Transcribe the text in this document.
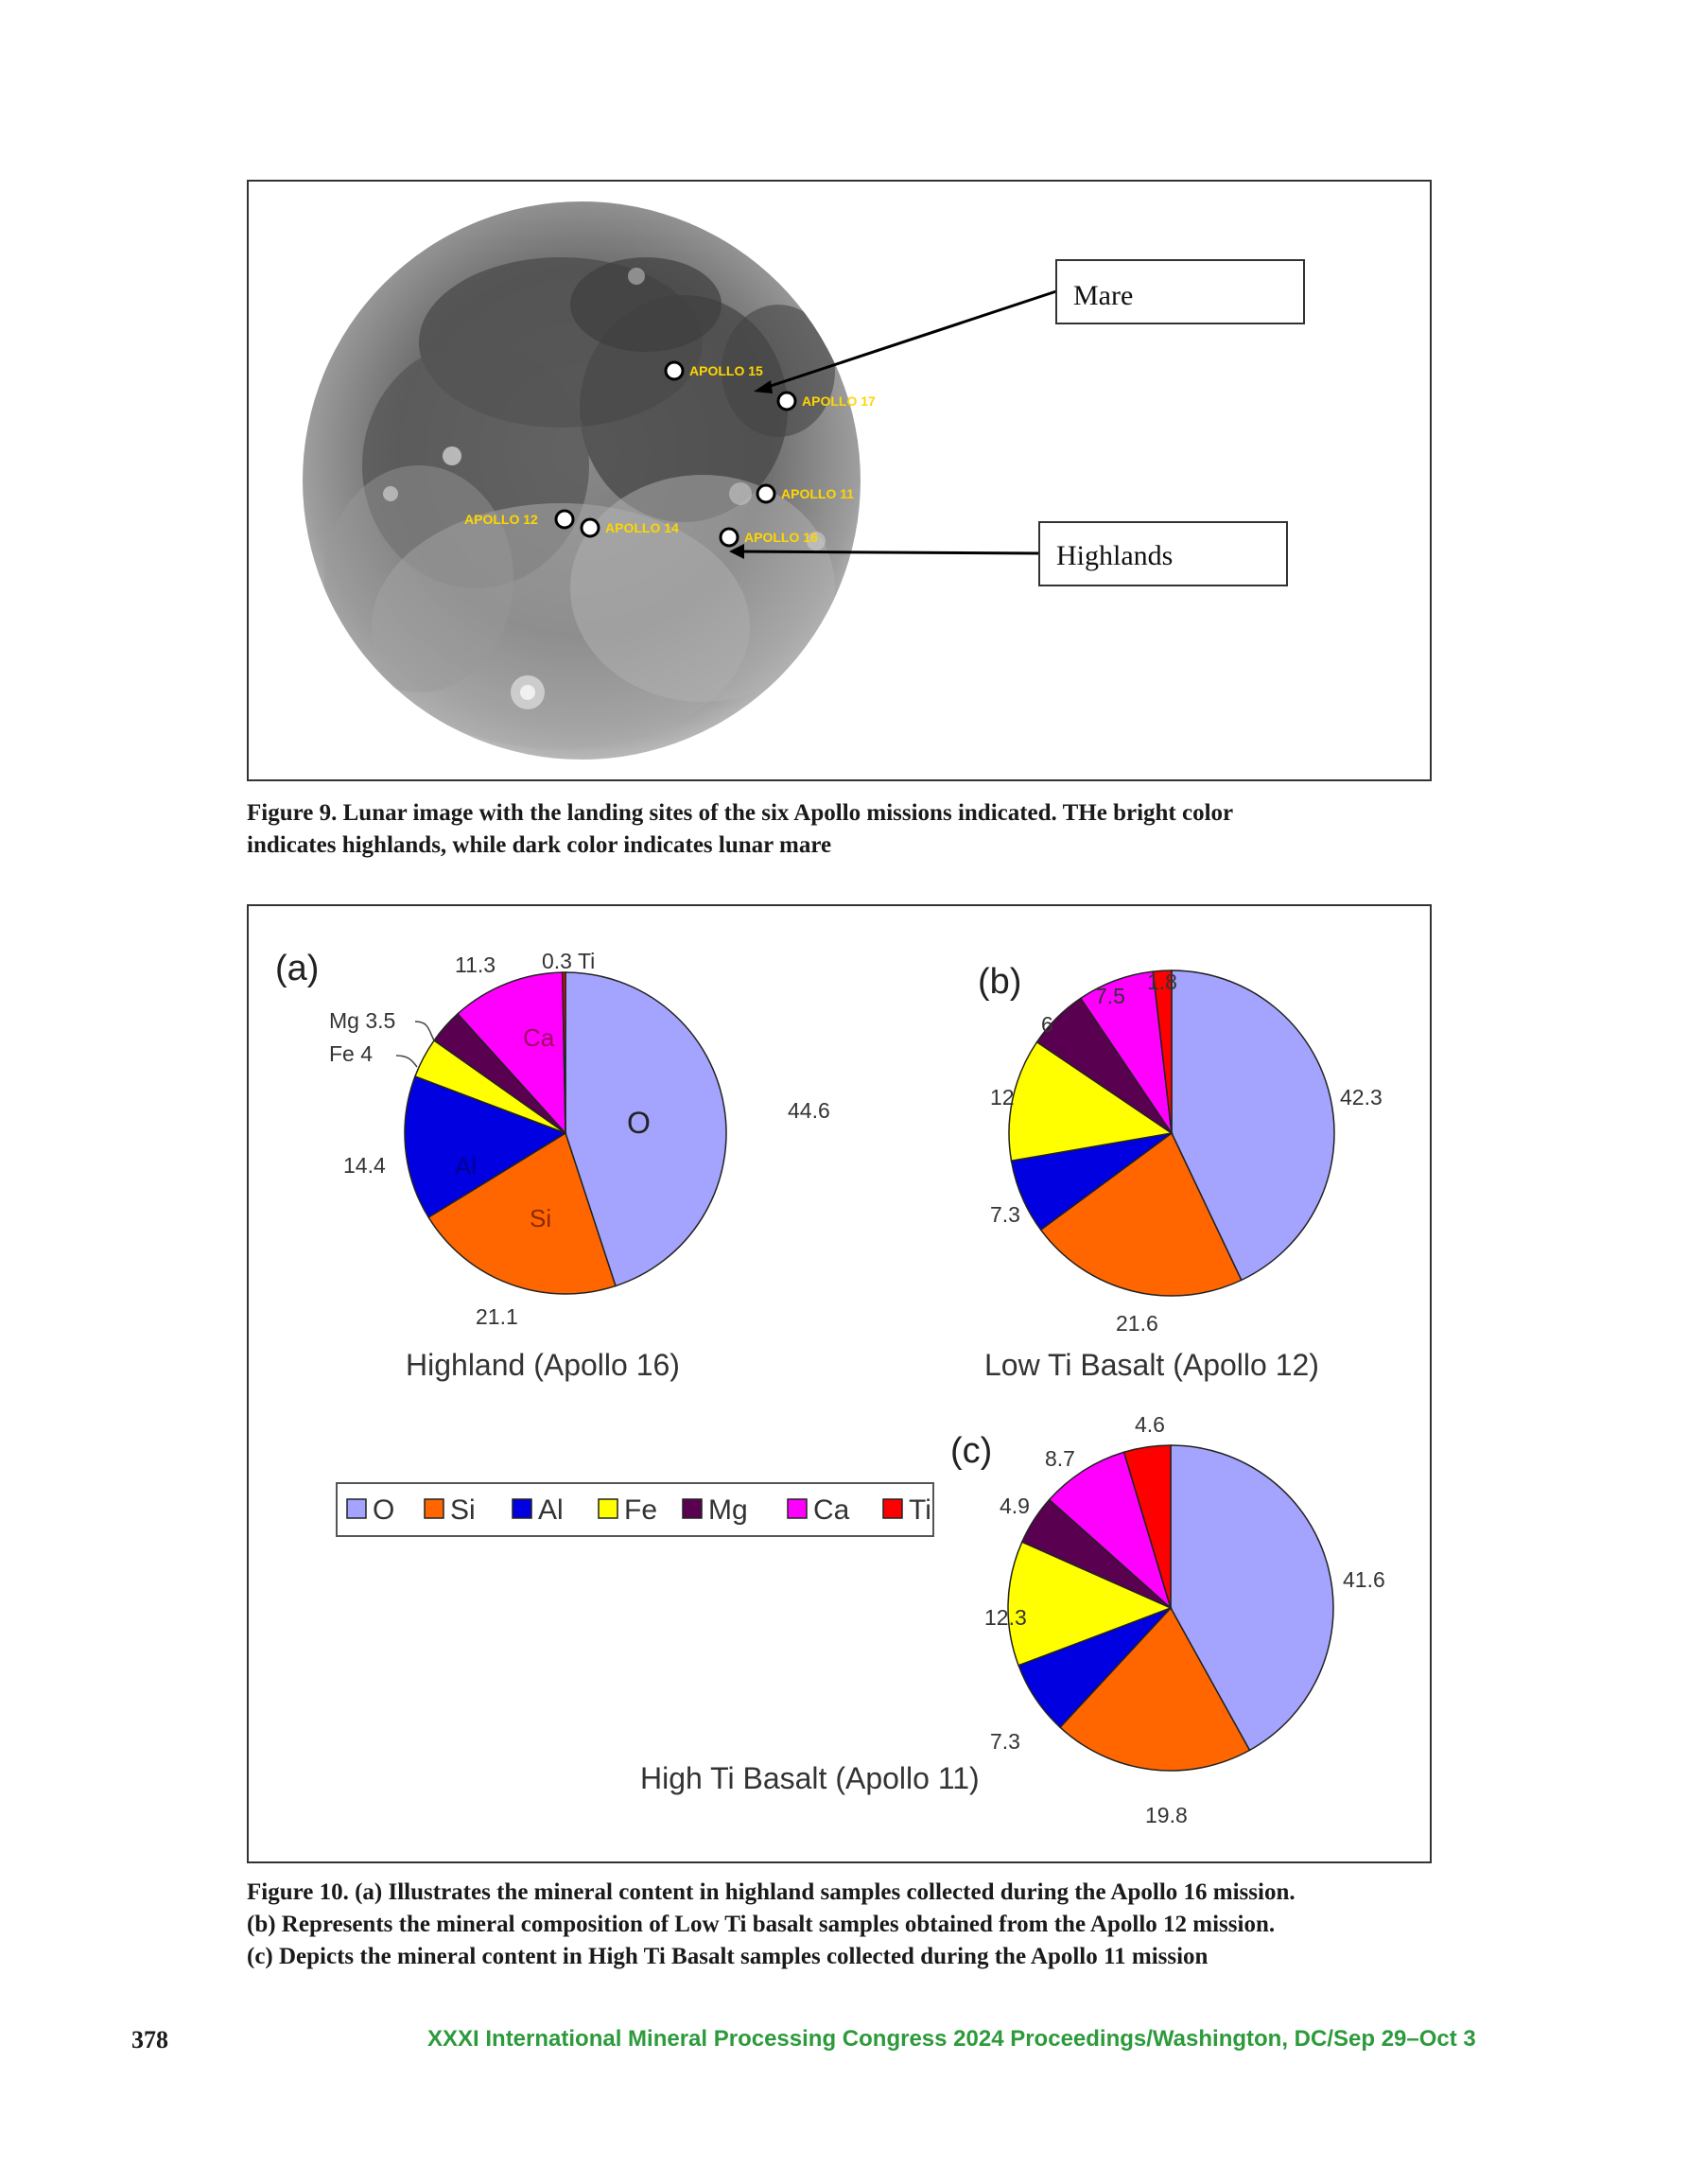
APOLLO 15
APOLLO 17
APOLLO 11
APOLLO 12
APOLLO 14
APOLLO 16
Mare
Highlands
Figure 9. Lunar image with the landing sites of the six Apollo missions indicated. THe bright color
indicates highlands, while dark color indicates lunar mare
44.6
21.1
14.4
Fe 4
Mg 3.5
11.3 0.3 Ti
O
Si
Al
Ca
(a)
Highland (Apollo 16)
42.3
21.6
7.3
12
6
7.5
1.8
(b)
Low Ti Basalt (Apollo 12)
41.6
19.8
7.3
12.3
4.9
8.7
4.6
(c)
High Ti Basalt (Apollo 11)
O Si Al Fe Mg Ca Ti
Figure 10. (a) Illustrates the mineral content in highland samples collected during the Apollo 16 mission.
(b) Represents the mineral composition of Low Ti basalt samples obtained from the Apollo 12 mission.
(c) Depicts the mineral content in High Ti Basalt samples collected during the Apollo 11 mission
378	XXXI International Mineral Processing Congress 2024 Proceedings/Washington, DC/Sep 29–Oct 3
